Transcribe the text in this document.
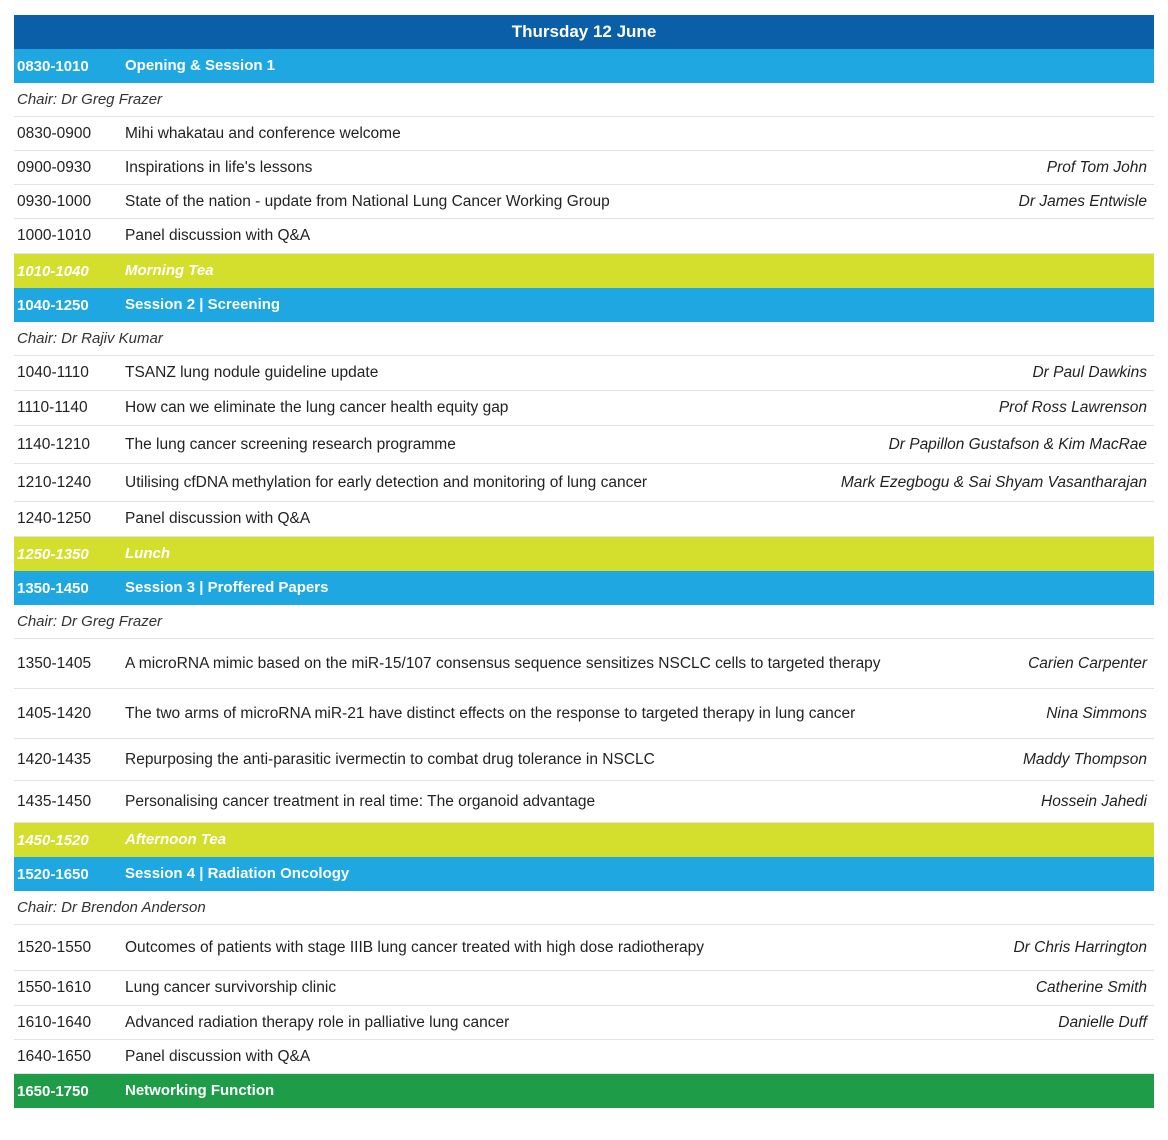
Thursday 12 June
0830-1010	Opening & Session 1
Chair: Dr Greg Frazer
0830-0900	Mihi whakatau and conference welcome
0900-0930	Inspirations in life's lessons	Prof Tom John
0930-1000	State of the nation - update from National Lung Cancer Working Group	Dr James Entwisle
1000-1010	Panel discussion with Q&A
1010-1040	Morning Tea
1040-1250	Session 2 | Screening
Chair: Dr Rajiv Kumar
1040-1110	TSANZ lung nodule guideline update	Dr Paul Dawkins
1110-1140	How can we eliminate the lung cancer health equity gap	Prof Ross Lawrenson
1140-1210	The lung cancer screening research programme	Dr Papillon Gustafson & Kim MacRae
1210-1240	Utilising cfDNA methylation for early detection and monitoring of lung cancer	Mark Ezegbogu & Sai Shyam Vasantharajan
1240-1250	Panel discussion with Q&A
1250-1350	Lunch
1350-1450	Session 3 | Proffered Papers
Chair: Dr Greg Frazer
1350-1405	A microRNA mimic based on the miR-15/107 consensus sequence sensitizes NSCLC cells to targeted therapy	Carien Carpenter
1405-1420	The two arms of microRNA miR-21 have distinct effects on the response to targeted therapy in lung cancer	Nina Simmons
1420-1435	Repurposing the anti-parasitic ivermectin to combat drug tolerance in NSCLC	Maddy Thompson
1435-1450	Personalising cancer treatment in real time: The organoid advantage	Hossein Jahedi
1450-1520	Afternoon Tea
1520-1650	Session 4 | Radiation Oncology
Chair: Dr Brendon Anderson
1520-1550	Outcomes of patients with stage IIIB lung cancer treated with high dose radiotherapy	Dr Chris Harrington
1550-1610	Lung cancer survivorship clinic	Catherine Smith
1610-1640	Advanced radiation therapy role in palliative lung cancer	Danielle Duff
1640-1650	Panel discussion with Q&A
1650-1750	Networking Function
